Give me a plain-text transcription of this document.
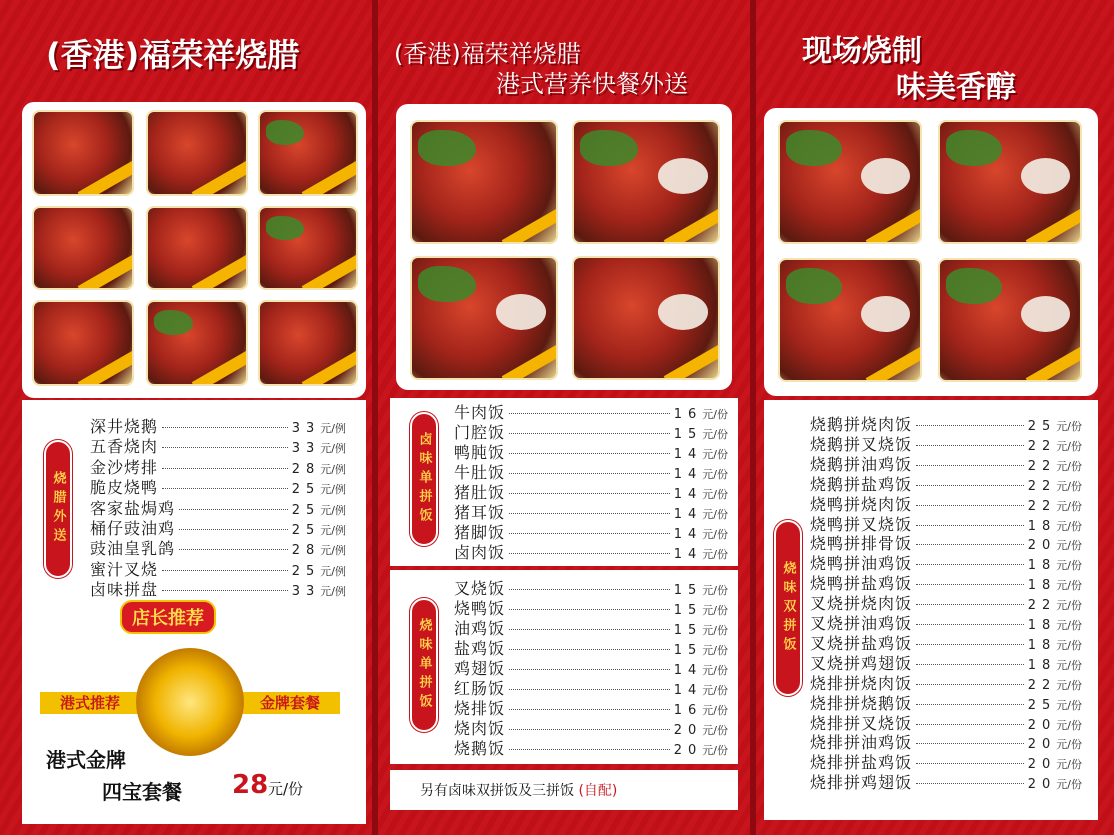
(香港)福荣祥烧腊
烧腊外送
深井烧鹅	33 元/例
五香烧肉	33 元/例
金沙烤排	28 元/例
脆皮烧鸭	25 元/例
客家盐焗鸡	25 元/例
桶仔豉油鸡	25 元/例
豉油皇乳鸽	28 元/例
蜜汁叉烧	25 元/例
卤味拼盘	33 元/例
店长推荐
港式推荐	金牌套餐
港式金牌
四宝套餐 28 元/份
(香港)福荣祥烧腊
港式营养快餐外送
卤味单拼饭
牛肉饭	16 元/份
门腔饭	15 元/份
鸭肫饭	14 元/份
牛肚饭	14 元/份
猪肚饭	14 元/份
猪耳饭	14 元/份
猪脚饭	14 元/份
卤肉饭	14 元/份
烧味单拼饭
叉烧饭	15 元/份
烧鸭饭	15 元/份
油鸡饭	15 元/份
盐鸡饭	15 元/份
鸡翅饭	14 元/份
红肠饭	14 元/份
烧排饭	16 元/份
烧肉饭	20 元/份
烧鹅饭	20 元/份
另有卤味双拼饭及三拼饭 (自配)
现场烧制
味美香醇
烧味双拼饭
烧鹅拼烧肉饭	25 元/份
烧鹅拼叉烧饭	22 元/份
烧鹅拼油鸡饭	22 元/份
烧鹅拼盐鸡饭	22 元/份
烧鸭拼烧肉饭	22 元/份
烧鸭拼叉烧饭	18 元/份
烧鸭拼排骨饭	20 元/份
烧鸭拼油鸡饭	18 元/份
烧鸭拼盐鸡饭	18 元/份
叉烧拼烧肉饭	22 元/份
叉烧拼油鸡饭	18 元/份
叉烧拼盐鸡饭	18 元/份
叉烧拼鸡翅饭	18 元/份
烧排拼烧肉饭	22 元/份
烧排拼烧鹅饭	25 元/份
烧排拼叉烧饭	20 元/份
烧排拼油鸡饭	20 元/份
烧排拼盐鸡饭	20 元/份
烧排拼鸡翅饭	20 元/份
